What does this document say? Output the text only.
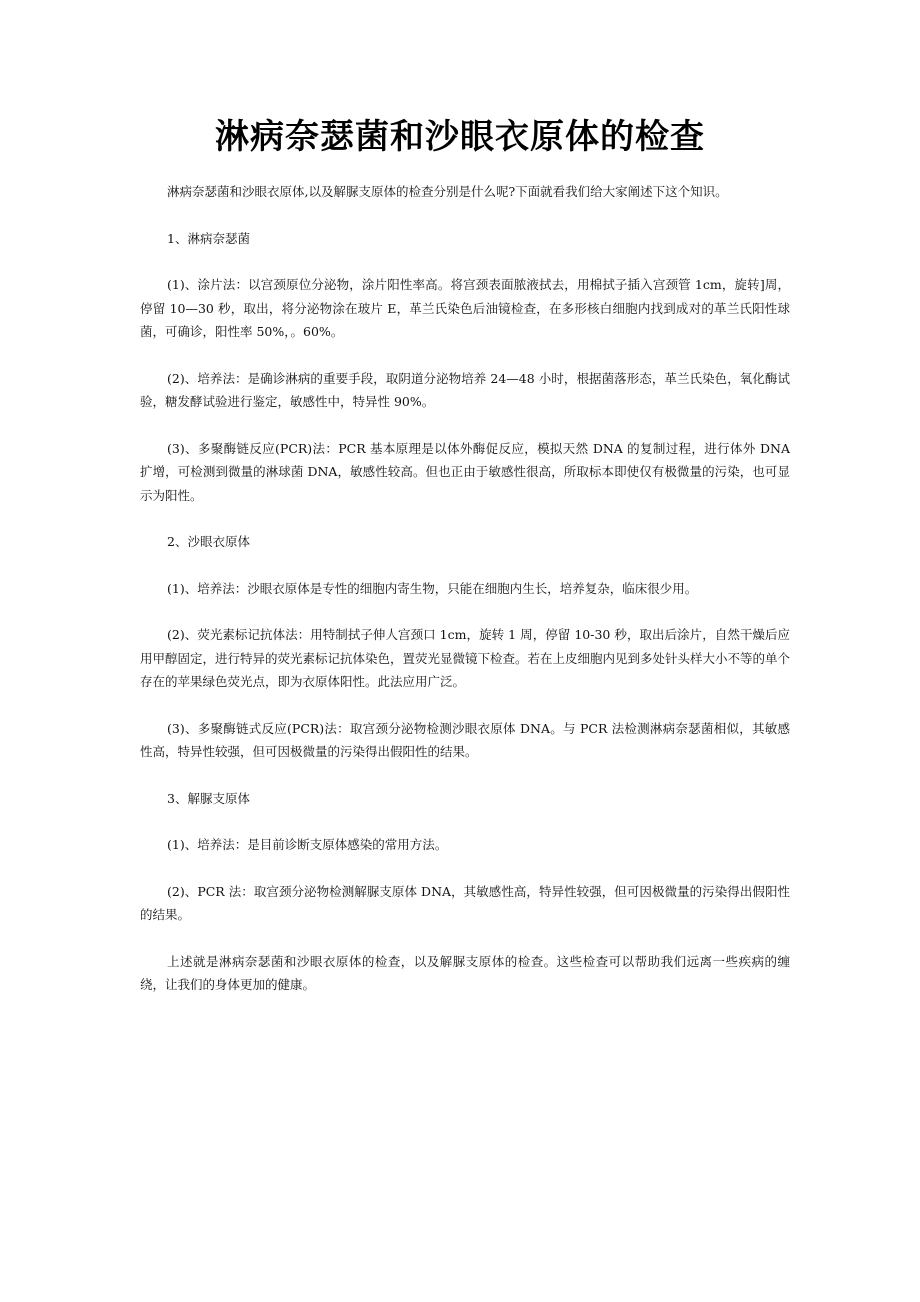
淋病奈瑟菌和沙眼衣原体的检查

淋病奈瑟菌和沙眼衣原体,以及解脲支原体的检查分别是什么呢?下面就看我们给大家阐述下这个知识。

1、淋病奈瑟菌

(1)、涂片法：以宫颈原位分泌物，涂片阳性率高。将宫颈表面脓液拭去，用棉拭子插入宫颈管 1cm，旋转]周，停留 10—30 秒，取出，将分泌物涂在玻片 E，革兰氏染色后油镜检查，在多形核白细胞内找到成对的革兰氏阳性球菌，可确诊，阳性率 50%，。60%。

(2)、培养法：是确诊淋病的重要手段，取阴道分泌物培养 24—48 小时，根据菌落形态，革兰氏染色，氧化酶试验，糖发酵试验进行鉴定，敏感性中，特异性 90%。

(3)、多聚酶链反应(PCR)法：PCR 基本原理是以体外酶促反应，模拟天然 DNA 的复制过程，进行体外 DNA 扩增，可检测到微量的淋球菌 DNA，敏感性较高。但也正由于敏感性很高，所取标本即使仅有极微量的污染，也可显示为阳性。

2、沙眼衣原体

(1)、培养法：沙眼衣原体是专性的细胞内寄生物，只能在细胞内生长，培养复杂，临床很少用。

(2)、荧光素标记抗体法：用特制拭子伸人宫颈口 1cm，旋转 1 周，停留 10-30 秒，取出后涂片，自然干燥后应用甲醇固定，进行特异的荧光素标记抗体染色，置荧光显微镜下检查。若在上皮细胞内见到多处针头样大小不等的单个存在的苹果绿色荧光点，即为衣原体阳性。此法应用广泛。

(3)、多聚酶链式反应(PCR)法：取宫颈分泌物检测沙眼衣原体 DNA。与 PCR 法检测淋病奈瑟菌相似，其敏感性高，特异性较强，但可因极微量的污染得出假阳性的结果。

3、解脲支原体

(1)、培养法：是目前诊断支原体感染的常用方法。

(2)、PCR 法：取宫颈分泌物检测解脲支原体 DNA，其敏感性高，特异性较强，但可因极微量的污染得出假阳性的结果。

上述就是淋病奈瑟菌和沙眼衣原体的检查，以及解脲支原体的检查。这些检查可以帮助我们远离一些疾病的缠绕，让我们的身体更加的健康。
